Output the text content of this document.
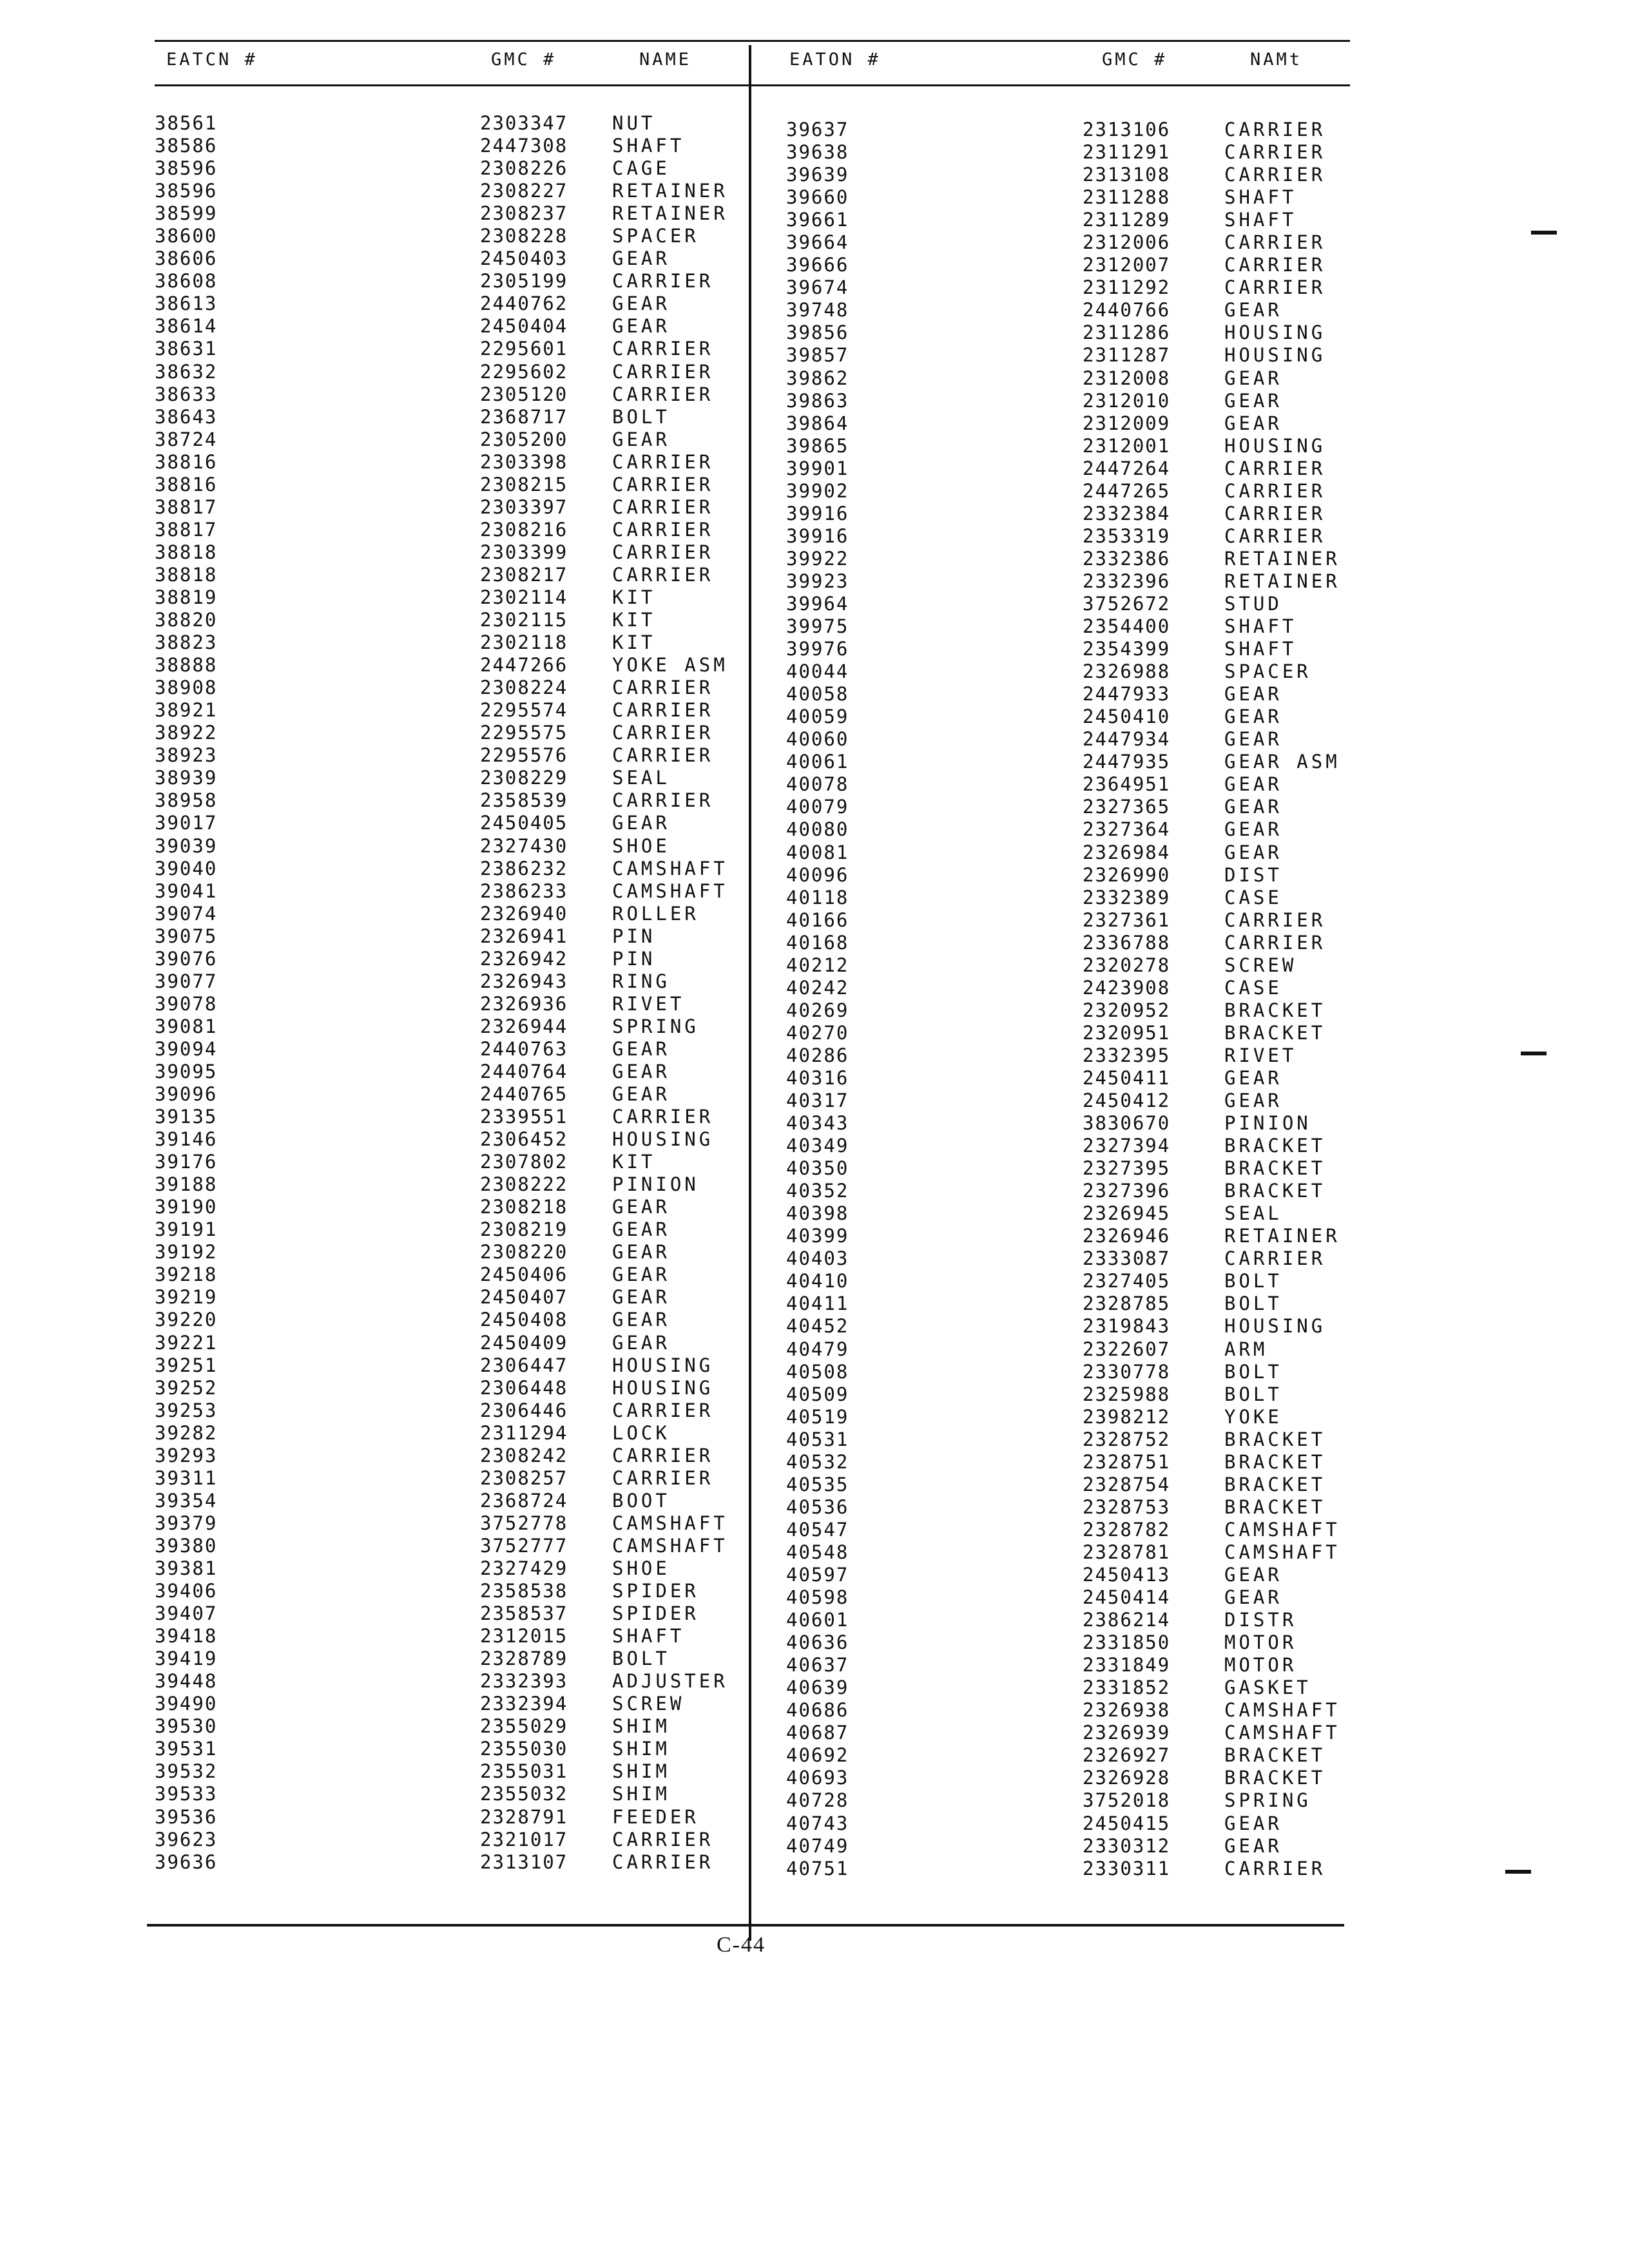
EATCN #	GMC #	NAME
38561	2303347 NUT
38586	2447308 SHAFT
38596	2308226 CAGE
38596	2308227 RETAINER
38599	2308237 RETAINER
38600	2308228 SPACER
38606	2450403 GEAR
38608	2305199 CARRIER
38613	2440762 GEAR
38614	2450404 GEAR
38631	2295601 CARRIER
38632	2295602 CARRIER
38633	2305120 CARRIER
38643	2368717 BOLT
38724	2305200 GEAR
38816	2303398 CARRIER
38816	2308215 CARRIER
38817	2303397 CARRIER
38817	2308216 CARRIER
38818	2303399 CARRIER
38818	2308217 CARRIER
38819	2302114 KIT
38820	2302115 KIT
38823	2302118 KIT
38888	2447266 YOKE ASM
38908	2308224 CARRIER
38921	2295574 CARRIER
38922	2295575 CARRIER
38923	2295576 CARRIER
38939	2308229 SEAL
38958	2358539 CARRIER
39017	2450405 GEAR
39039	2327430 SHOE
39040	2386232 CAMSHAFT
39041	2386233 CAMSHAFT
39074	2326940 ROLLER
39075	2326941 PIN
39076	2326942 PIN
39077	2326943 RING
39078	2326936 RIVET
39081	2326944 SPRING
39094	2440763 GEAR
39095	2440764 GEAR
39096	2440765 GEAR
39135	2339551 CARRIER
39146	2306452 HOUSING
39176	2307802 KIT
39188	2308222 PINION
39190	2308218 GEAR
39191	2308219 GEAR
39192	2308220 GEAR
39218	2450406 GEAR
39219	2450407 GEAR
39220	2450408 GEAR
39221	2450409 GEAR
39251	2306447 HOUSING
39252	2306448 HOUSING
39253	2306446 CARRIER
39282	2311294 LOCK
39293	2308242 CARRIER
39311	2308257 CARRIER
39354	2368724 BOOT
39379	3752778 CAMSHAFT
39380	3752777 CAMSHAFT
39381	2327429 SHOE
39406	2358538 SPIDER
39407	2358537 SPIDER
39418	2312015 SHAFT
39419	2328789 BOLT
39448	2332393 ADJUSTER
39490	2332394 SCREW
39530	2355029 SHIM
39531	2355030 SHIM
39532	2355031 SHIM
39533	2355032 SHIM
39536	2328791 FEEDER
39623	2321017 CARRIER
39636	2313107 CARRIER
EATON #	GMC #	NAMt
39637	2313106	CARRIER
39638	2311291	CARRIER
39639	2313108	CARRIER
39660	2311288	SHAFT
39661	2311289	SHAFT
39664	2312006	CARRIER
39666	2312007	CARRIER
39674	2311292	CARRIER
39748	2440766	GEAR
39856	2311286	HOUSING
39857	2311287	HOUSING
39862	2312008	GEAR
39863	2312010	GEAR
39864	2312009	GEAR
39865	2312001	HOUSING
39901	2447264	CARRIER
39902	2447265	CARRIER
39916	2332384	CARRIER
39916	2353319	CARRIER
39922	2332386	RETAINER
39923	2332396	RETAINER
39964	3752672	STUD
39975	2354400	SHAFT
39976	2354399	SHAFT
40044	2326988	SPACER
40058	2447933	GEAR
40059	2450410	GEAR
40060	2447934	GEAR
40061	2447935	GEAR ASM
40078	2364951	GEAR
40079	2327365	GEAR
40080	2327364	GEAR
40081	2326984	GEAR
40096	2326990	DIST
40118	2332389	CASE
40166	2327361	CARRIER
40168	2336788	CARRIER
40212	2320278	SCREW
40242	2423908	CASE
40269	2320952	BRACKET
40270	2320951	BRACKET
40286	2332395	RIVET
40316	2450411	GEAR
40317	2450412	GEAR
40343	3830670	PINION
40349	2327394	BRACKET
40350	2327395	BRACKET
40352	2327396	BRACKET
40398	2326945	SEAL
40399	2326946	RETAINER
40403	2333087	CARRIER
40410	2327405	BOLT
40411	2328785	BOLT
40452	2319843	HOUSING
40479	2322607	ARM
40508	2330778	BOLT
40509	2325988	BOLT
40519	2398212	YOKE
40531	2328752	BRACKET
40532	2328751	BRACKET
40535	2328754	BRACKET
40536	2328753	BRACKET
40547	2328782	CAMSHAFT
40548	2328781	CAMSHAFT
40597	2450413	GEAR
40598	2450414	GEAR
40601	2386214	DISTR
40636	2331850	MOTOR
40637	2331849	MOTOR
40639	2331852	GASKET
40686	2326938	CAMSHAFT
40687	2326939	CAMSHAFT
40692	2326927	BRACKET
40693	2326928	BRACKET
40728	3752018	SPRING
40743	2450415	GEAR
40749	2330312	GEAR
40751	2330311	CARRIER
C-44
